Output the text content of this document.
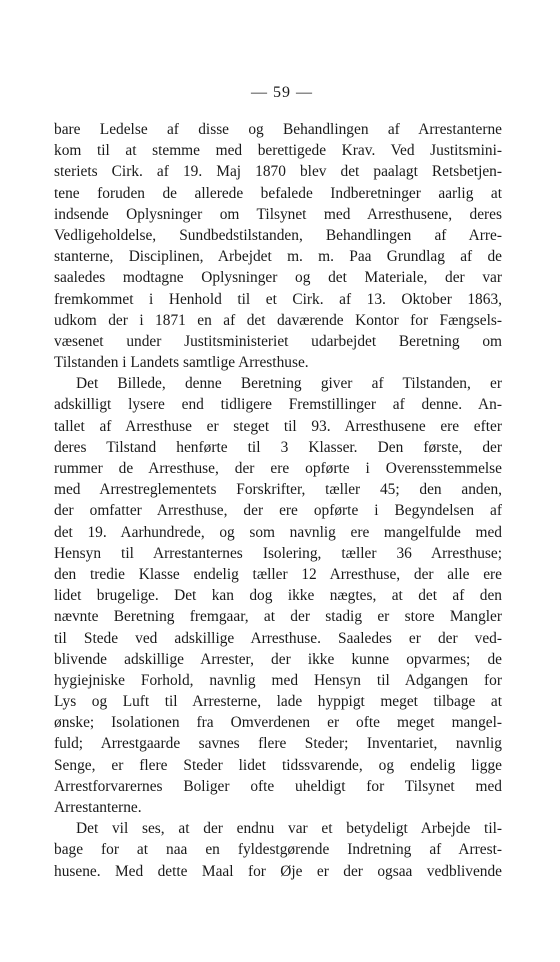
— 59 —
bare Ledelse af disse og Behandlingen af Arrestanterne
kom til at stemme med berettigede Krav. Ved Justitsmini-
steriets Cirk. af 19. Maj 1870 blev det paalagt Retsbetjen-
tene foruden de allerede befalede Indberetninger aarlig at
indsende Oplysninger om Tilsynet med Arresthusene, deres
Vedligeholdelse, Sundbedstilstanden, Behandlingen af Arre-
stanterne, Disciplinen, Arbejdet m. m. Paa Grundlag af de
saaledes modtagne Oplysninger og det Materiale, der var
fremkommet i Henhold til et Cirk. af 13. Oktober 1863,
udkom der i 1871 en af det daværende Kontor for Fængsels-
væsenet under Justitsministeriet udarbejdet Beretning om
Tilstanden i Landets samtlige Arresthuse.
Det Billede, denne Beretning giver af Tilstanden, er
adskilligt lysere end tidligere Fremstillinger af denne. An-
tallet af Arresthuse er steget til 93. Arresthusene ere efter
deres Tilstand henførte til 3 Klasser. Den første, der
rummer de Arresthuse, der ere opførte i Overensstemmelse
med Arrestreglementets Forskrifter, tæller 45; den anden,
der omfatter Arresthuse, der ere opførte i Begyndelsen af
det 19. Aarhundrede, og som navnlig ere mangelfulde med
Hensyn til Arrestanternes Isolering, tæller 36 Arresthuse;
den tredie Klasse endelig tæller 12 Arresthuse, der alle ere
lidet brugelige. Det kan dog ikke nægtes, at det af den
nævnte Beretning fremgaar, at der stadig er store Mangler
til Stede ved adskillige Arresthuse. Saaledes er der ved-
blivende adskillige Arrester, der ikke kunne opvarmes; de
hygiejniske Forhold, navnlig med Hensyn til Adgangen for
Lys og Luft til Arresterne, lade hyppigt meget tilbage at
ønske; Isolationen fra Omverdenen er ofte meget mangel-
fuld; Arrestgaarde savnes flere Steder; Inventariet, navnlig
Senge, er flere Steder lidet tidssvarende, og endelig ligge
Arrestforvarernes Boliger ofte uheldigt for Tilsynet med
Arrestanterne.
Det vil ses, at der endnu var et betydeligt Arbejde til-
bage for at naa en fyldestgørende Indretning af Arrest-
husene. Med dette Maal for Øje er der ogsaa vedblivende
